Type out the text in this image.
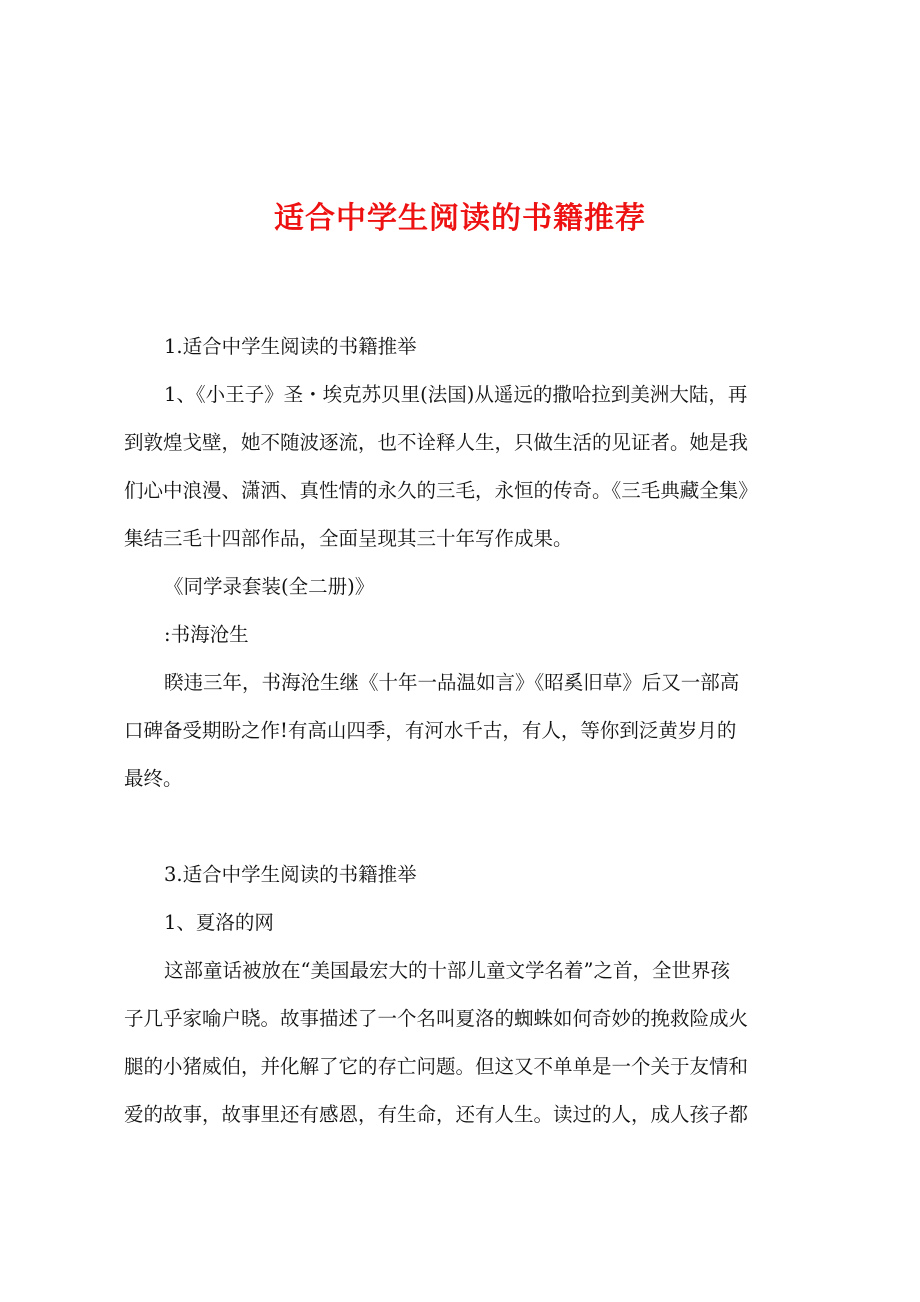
适合中学生阅读的书籍推荐
1.适合中学生阅读的书籍推举
1、《小王子》圣・埃克苏贝里(法国)从遥远的撒哈拉到美洲大陆，再
到敦煌戈壁，她不随波逐流，也不诠释人生，只做生活的见证者。她是我
们心中浪漫、潇洒、真性情的永久的三毛，永恒的传奇。《三毛典藏全集》
集结三毛十四部作品，全面呈现其三十年写作成果。
《同学录套装(全二册)》
:书海沧生
睽违三年，书海沧生继《十年一品温如言》《昭奚旧草》后又一部高
口碑备受期盼之作!有高山四季，有河水千古，有人，等你到泛黄岁月的
最终。
3.适合中学生阅读的书籍推举
1、夏洛的网
这部童话被放在“美国最宏大的十部儿童文学名着”之首，全世界孩
子几乎家喻户晓。故事描述了一个名叫夏洛的蜘蛛如何奇妙的挽救险成火
腿的小猪威伯，并化解了它的存亡问题。但这又不单单是一个关于友情和
爱的故事，故事里还有感恩，有生命，还有人生。读过的人，成人孩子都
